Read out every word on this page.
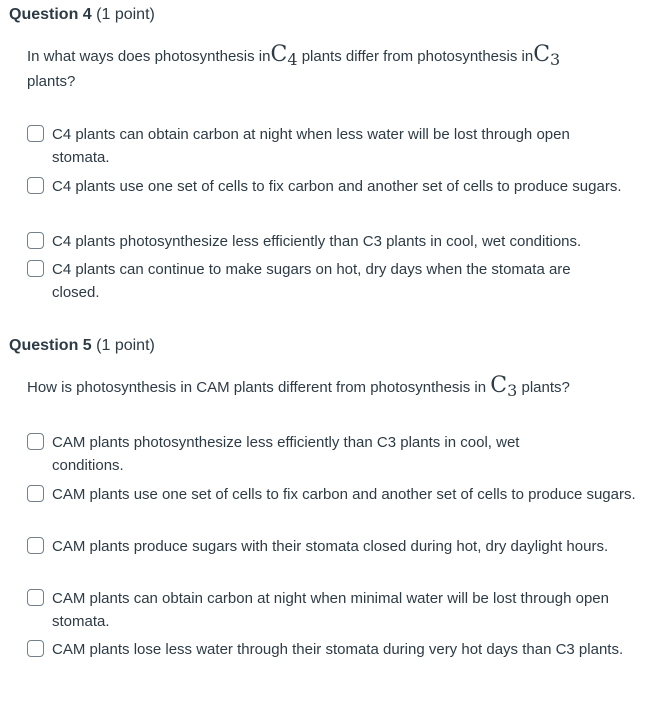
Question 4 (1 point)
In what ways does photosynthesis inC$_4$ plants differ from photosynthesis inC$_3$
plants?
C4 plants can obtain carbon at night when less water will be lost through open stomata.
C4 plants use one set of cells to fix carbon and another set of cells to produce sugars.
C4 plants photosynthesize less efficiently than C3 plants in cool, wet conditions.
C4 plants can continue to make sugars on hot, dry days when the stomata are closed.
Question 5 (1 point)
How is photosynthesis in CAM plants different from photosynthesis in $C_3$ plants?
CAM plants photosynthesize less efficiently than C3 plants in cool, wet conditions.
CAM plants use one set of cells to fix carbon and another set of cells to produce sugars.
CAM plants produce sugars with their stomata closed during hot, dry daylight hours.
CAM plants can obtain carbon at night when minimal water will be lost through open stomata.
CAM plants lose less water through their stomata during very hot days than C3 plants.
